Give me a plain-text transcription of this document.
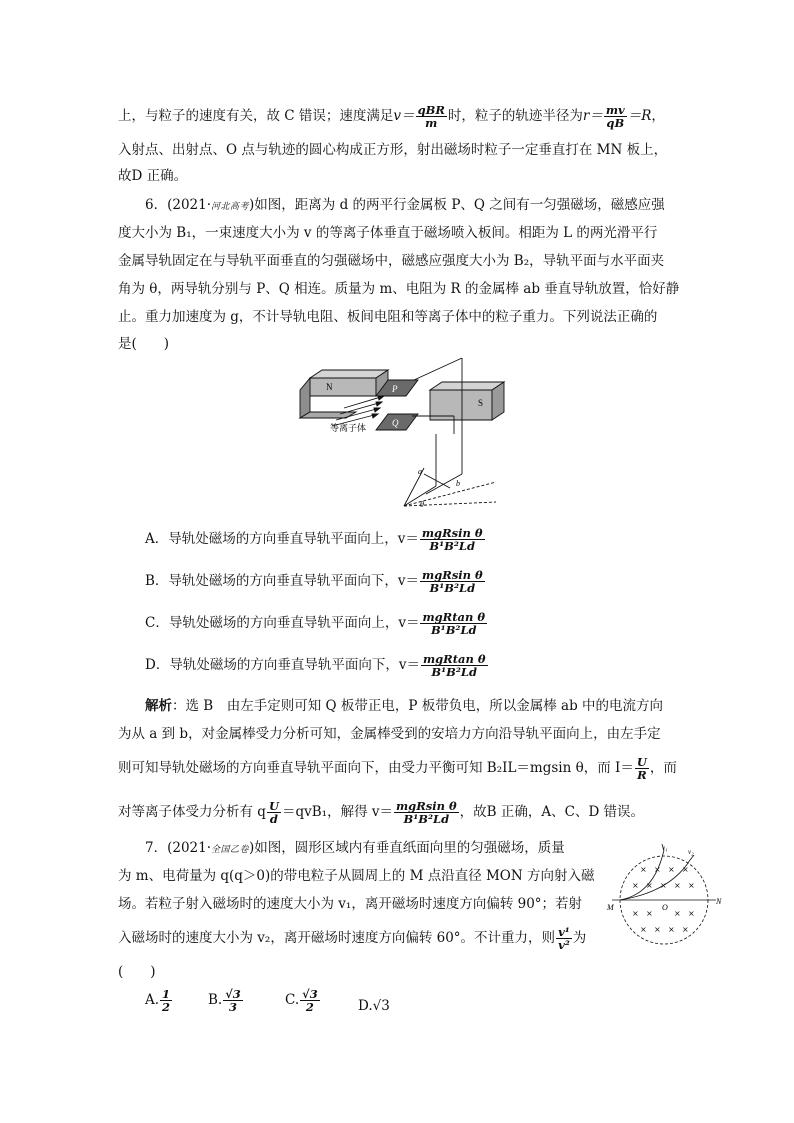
上，与粒子的速度有关，故 C 错误；速度满足$v= \frac{\text{qBR}}{m}$ 时，粒子的轨迹半径为$r= \frac{mv}{qB} =R$，
入射点、出射点、O 点与轨迹的圆心构成正方形，射出磁场时粒子一定垂直打在 MN 板上，
故D 正确。
6．(2021·河北高考)如图，距离为 d 的两平行金属板 P、Q 之间有一匀强磁场，磁感应强
度大小为 B₁，一束速度大小为 v 的等离子体垂直于磁场喷入板间。相距为 L 的两光滑平行
金属导轨固定在与导轨平面垂直的匀强磁场中，磁感应强度大小为 B₂，导轨平面与水平面夹
角为 θ，两导轨分别与 P、Q 相连。质量为 m、电阻为 R 的金属棒 ab 垂直导轨放置，恰好静
止。重力加速度为 g，不计导轨电阻、板间电阻和等离子体中的粒子重力。下列说法正确的
是(　　)
N
S
P
Q
等离子体
a
b
θ
A．导轨处磁场的方向垂直导轨平面向上，$v= \frac{\text{mgRsin θ}}{\text{B¹B²Ld}}$
B．导轨处磁场的方向垂直导轨平面向下，$v= \frac{\text{mgRsin θ}}{\text{B¹B²Ld}}$
C．导轨处磁场的方向垂直导轨平面向上，$v= \frac{\text{mgRtan θ}}{\text{B¹B²Ld}}$
D．导轨处磁场的方向垂直导轨平面向下，$v= \frac{\text{mgRtan θ}}{\text{B¹B²Ld}}$
解析：选 B　由左手定则可知 Q 板带正电，P 板带负电，所以金属棒 ab 中的电流方向
为从 a 到 b，对金属棒受力分析可知，金属棒受到的安培力方向沿导轨平面向上，由左手定
则可知导轨处磁场的方向垂直导轨平面向下，由受力平衡可知 B₂IL＝mgsin θ，而 $I= \frac{U}{R}$ ，而
对等离子体受力分析有 q $\frac{U}{d} =qvB_1$，解得 $v= \frac{\text{mgRsin θ}}{\text{B¹B²Ld}}$ ，故B 正确，A、C、D 错误。
7．(2021·全国乙卷)如图，圆形区域内有垂直纸面向里的匀强磁场，质量
为 m、电荷量为 q(q＞0)的带电粒子从圆周上的 M 点沿直径 MON 方向射入磁
场。若粒子射入磁场时的速度大小为 v₁，离开磁场时速度方向偏转 90°；若射
入磁场时的速度大小为 v₂，离开磁场时速度方向偏转 60°。不计重力，则 $\frac{\text{v¹}}{\text{v²}}$ 为
(　　)
× × × ×
× × × × ×
× ×	× ×
× × × ×
M	O
N
v₁	v₂
A. $\frac{1}{2}$	B. $\frac{√3}{3}$	C. $\frac{√3}{2}$	D.√3
